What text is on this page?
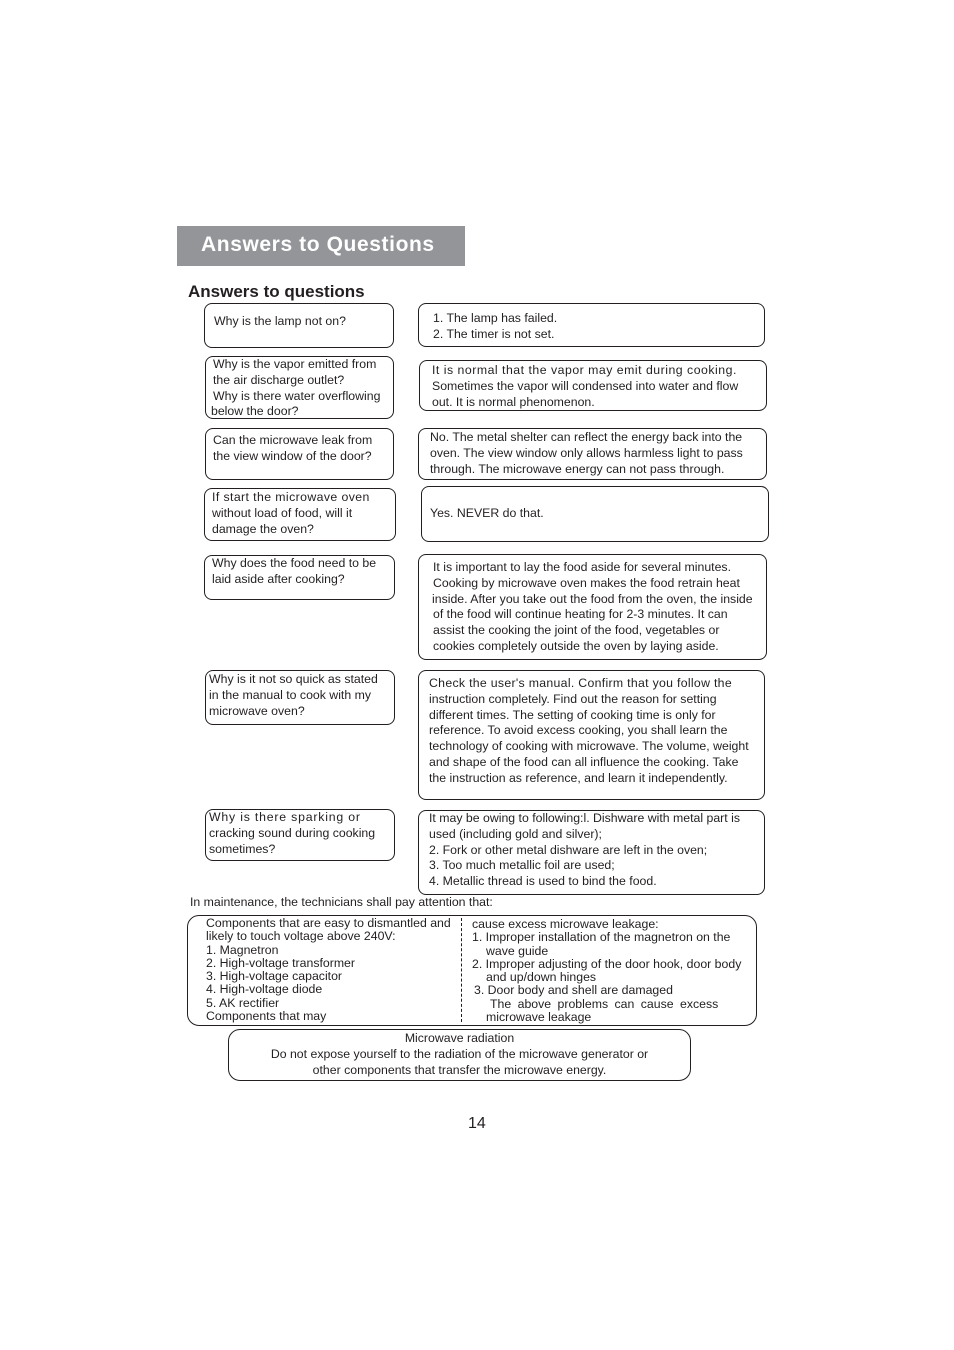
Answers to Questions
Answers to questions
Why is the lamp not on?	1. The lamp has failed.
2. The timer is not set.
Why is the vapor emitted from
the air discharge outlet?
Why is there water overflowing
below the door?
It is normal that the vapor may emit during cooking.
Sometimes the vapor will condensed into water and flow
out. It is normal phenomenon.
Can the microwave leak from
the view window of the door?
No. The metal shelter can reflect the energy back into the
oven. The view window only allows harmless light to pass
through. The microwave energy can not pass through.
If start the microwave oven
without load of food, will it
damage the oven?
Yes. NEVER do that.
Why does the food need to be
laid aside after cooking?
It is important to lay the food aside for several minutes.
Cooking by microwave oven makes the food retrain heat
inside. After you take out the food from the oven, the inside
of the food will continue heating for 2-3 minutes. It can
assist the cooking the joint of the food, vegetables or
cookies completely outside the oven by laying aside.
Why is it not so quick as stated
in the manual to cook with my
microwave oven?
Check the user's manual. Confirm that you follow the
instruction completely. Find out the reason for setting
different times. The setting of cooking time is only for
reference. To avoid excess cooking, you shall learn the
technology of cooking with microwave. The volume, weight
and shape of the food can all influence the cooking. Take
the instruction as reference, and learn it independently.
Why is there sparking or
cracking sound during cooking
sometimes?
It may be owing to following:l. Dishware with metal part is
used (including gold and silver);
2. Fork or other metal dishware are left in the oven;
3. Too much metallic foil are used;
4. Metallic thread is used to bind the food.
In maintenance, the technicians shall pay attention that:
Components that are easy to dismantled and
likely to touch voltage above 240V:
1. Magnetron
2. High-voltage transformer
3. High-voltage capacitor
4. High-voltage diode
5. AK rectifier
Components that may
cause excess microwave leakage:
1. Improper installation of the magnetron on the
wave guide
2. Improper adjusting of the door hook, door body
and up/down hinges
3. Door body and shell are damaged
The above problems can cause excess
microwave leakage
Microwave radiation
Do not expose yourself to the radiation of the microwave generator or
other components that transfer the microwave energy.
14
